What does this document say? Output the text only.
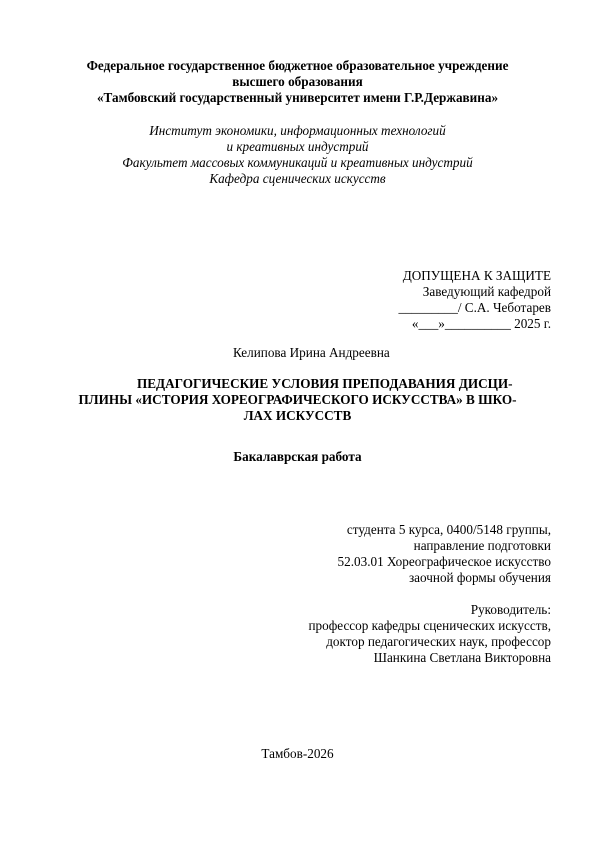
Федеральное государственное бюджетное образовательное учреждение
высшего образования
«Тамбовский государственный университет имени Г.Р.Державина»
Институт экономики, информационных технологий
и креативных индустрий
Факультет массовых коммуникаций и креативных индустрий
Кафедра сценических искусств
ДОПУЩЕНА К ЗАЩИТЕ
Заведующий кафедрой
_________/ С.А. Чеботарев
«___»__________ 2025 г.
Келипова Ирина Андреевна
ПЕДАГОГИЧЕСКИЕ УСЛОВИЯ ПРЕПОДАВАНИЯ ДИСЦИ-
ПЛИНЫ «ИСТОРИЯ ХОРЕОГРАФИЧЕСКОГО ИСКУССТВА» В ШКО-
ЛАХ ИСКУССТВ
Бакалаврская работа
студента 5 курса, 0400/5148 группы,
направление подготовки
52.03.01 Хореографическое искусство
заочной формы обучения
Руководитель:
профессор кафедры сценических искусств,
доктор педагогических наук, профессор
Шанкина Светлана Викторовна
Тамбов-2026
